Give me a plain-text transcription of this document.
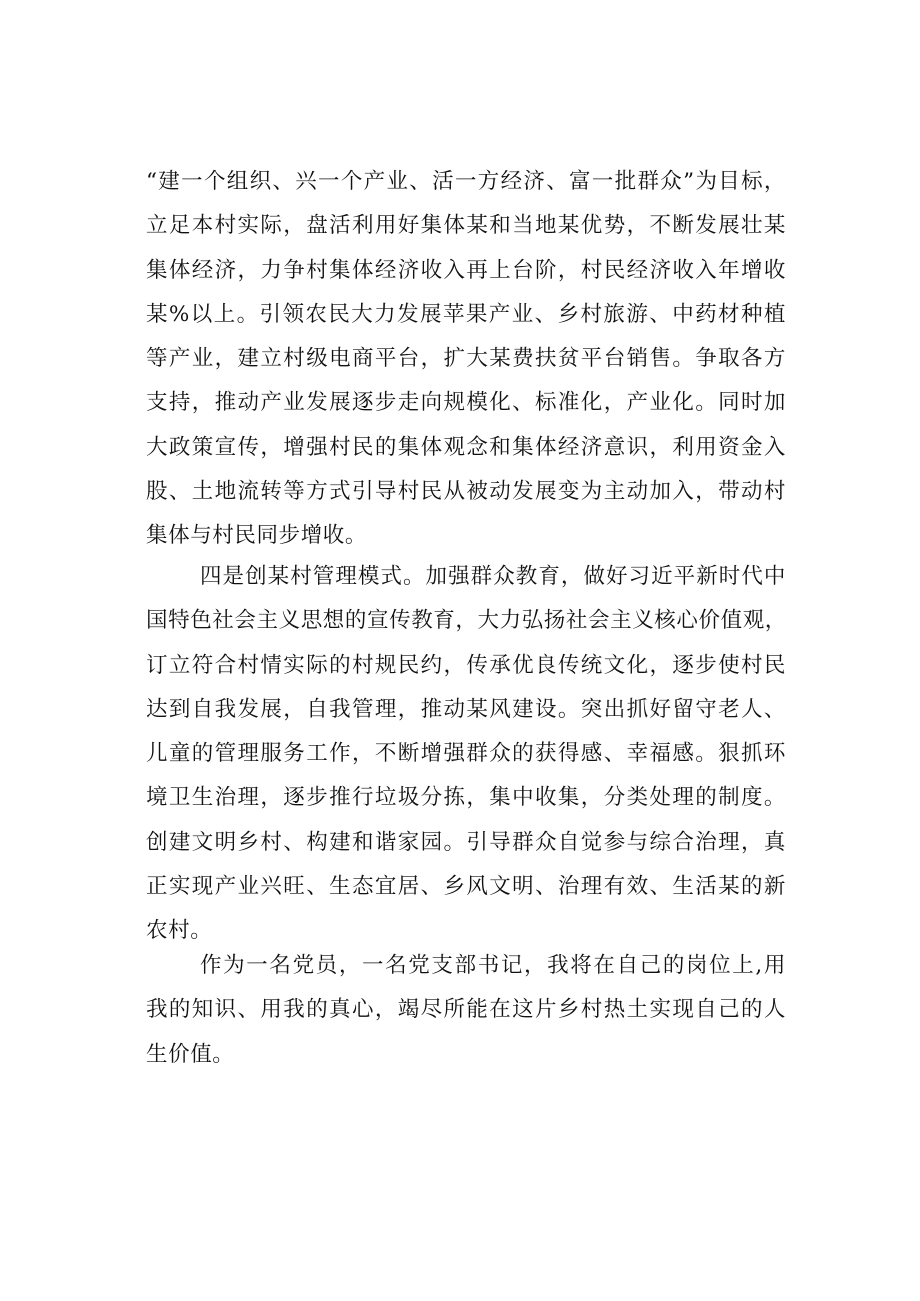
“建一个组织、兴一个产业、活一方经济、富一批群众”为目标，
立足本村实际，盘活利用好集体某和当地某优势，不断发展壮某
集体经济，力争村集体经济收入再上台阶，村民经济收入年增收
某%以上。引领农民大力发展苹果产业、乡村旅游、中药材种植
等产业，建立村级电商平台，扩大某费扶贫平台销售。争取各方
支持，推动产业发展逐步走向规模化、标准化，产业化。同时加
大政策宣传，增强村民的集体观念和集体经济意识，利用资金入
股、土地流转等方式引导村民从被动发展变为主动加入，带动村
集体与村民同步增收。
四是创某村管理模式。加强群众教育，做好习近平新时代中
国特色社会主义思想的宣传教育，大力弘扬社会主义核心价值观，
订立符合村情实际的村规民约，传承优良传统文化，逐步使村民
达到自我发展，自我管理，推动某风建设。突出抓好留守老人、
儿童的管理服务工作，不断增强群众的获得感、幸福感。狠抓环
境卫生治理，逐步推行垃圾分拣，集中收集，分类处理的制度。
创建文明乡村、构建和谐家园。引导群众自觉参与综合治理，真
正实现产业兴旺、生态宜居、乡风文明、治理有效、生活某的新
农村。
作为一名党员，一名党支部书记，我将在自己的岗位上,用
我的知识、用我的真心，竭尽所能在这片乡村热土实现自己的人
生价值。
